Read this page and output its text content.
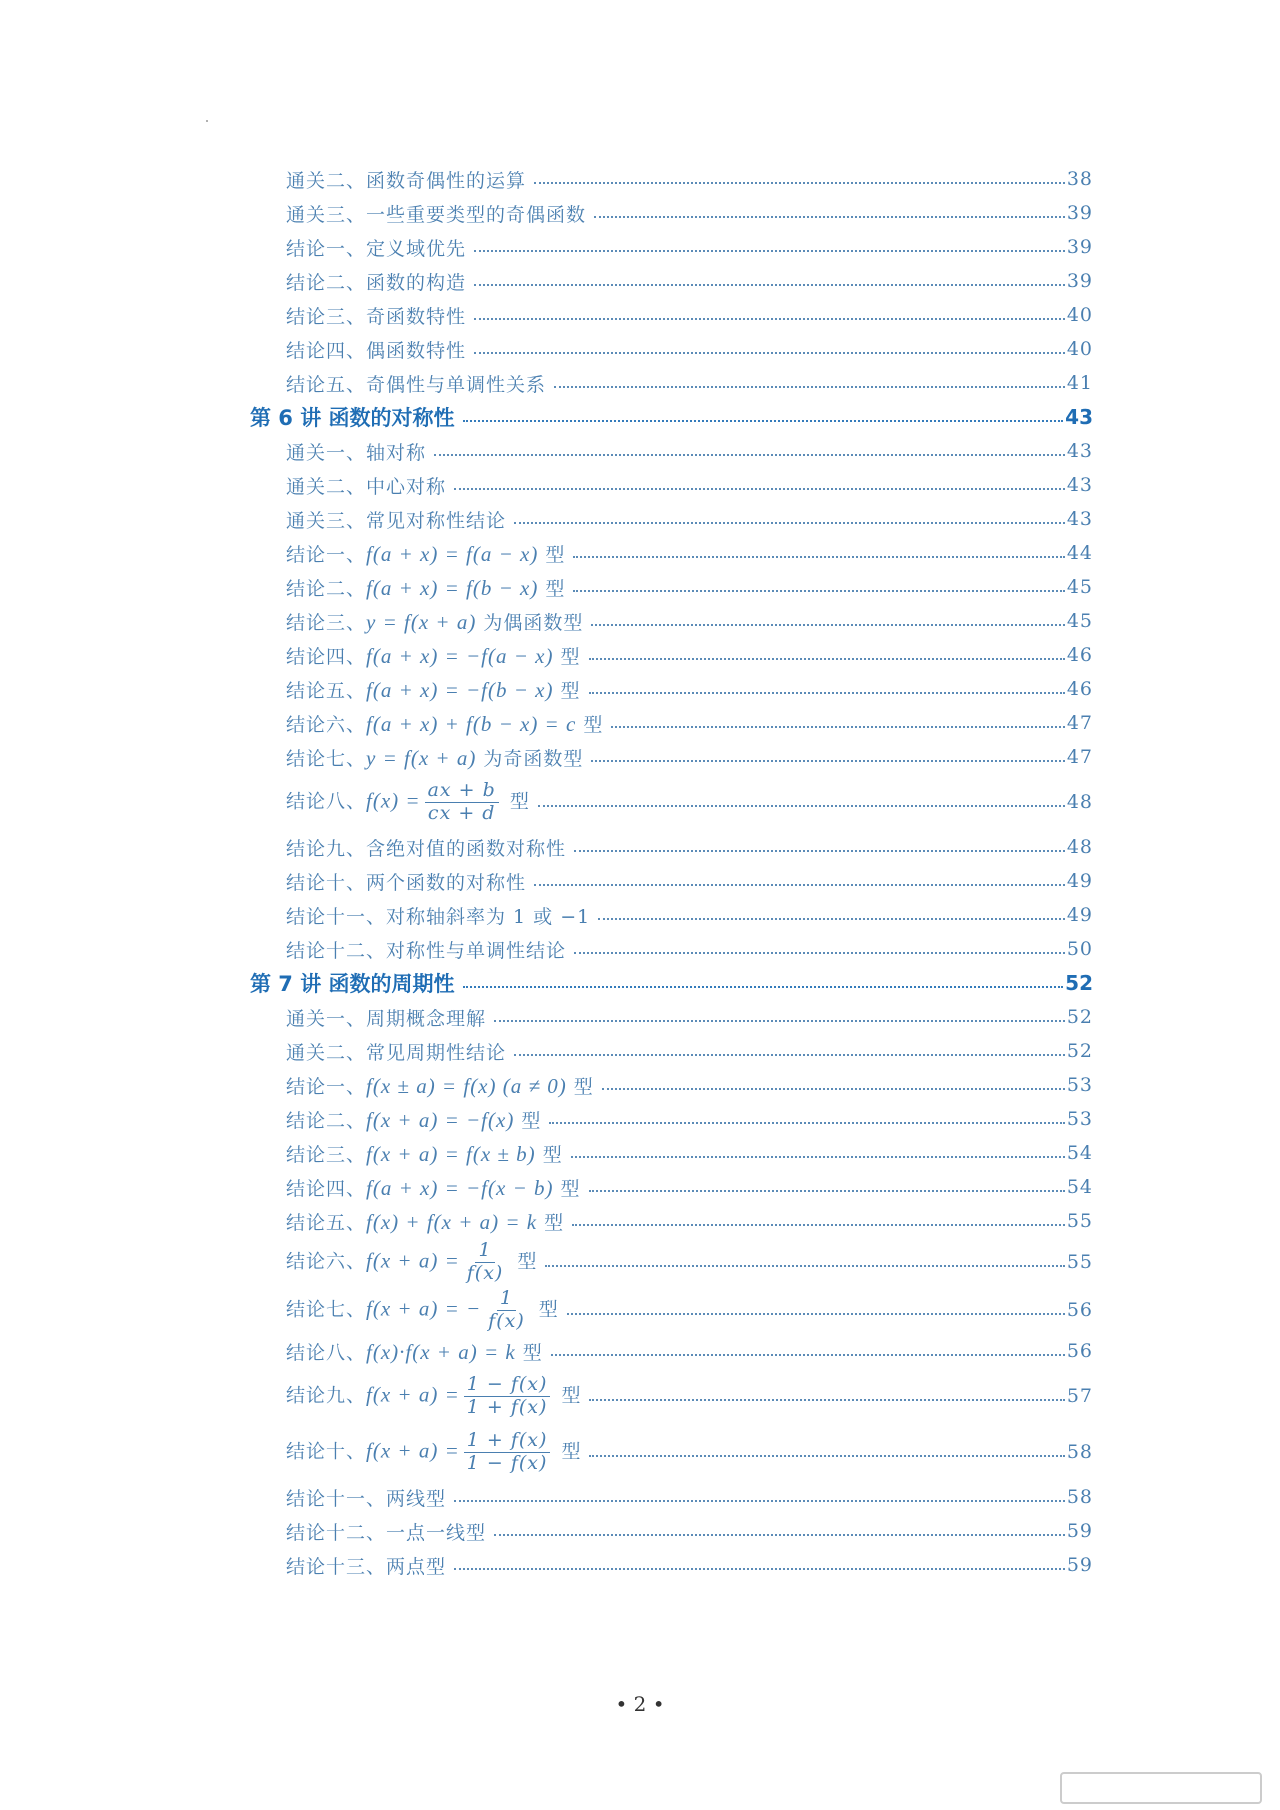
通关二、函数奇偶性的运算	38
通关三、一些重要类型的奇偶函数	39
结论一、定义域优先	39
结论二、函数的构造	39
结论三、奇函数特性	40
结论四、偶函数特性	40
结论五、奇偶性与单调性关系	41
第 6 讲 函数的对称性	43
通关一、轴对称	43
通关二、中心对称	43
通关三、常见对称性结论	43
结论一、f(a + x) = f(a − x) 型	44
结论二、f(a + x) = f(b − x) 型	45
结论三、y = f(x + a) 为偶函数型	45
结论四、f(a + x) = −f(a − x) 型	46
结论五、f(a + x) = −f(b − x) 型	46
结论六、f(a + x) + f(b − x) = c 型	47
结论七、y = f(x + a) 为奇函数型	47
结论八、$f(x) = \frac{ax + b}{cx + d}$ 型	48
结论九、含绝对值的函数对称性	48
结论十、两个函数的对称性	49
结论十一、对称轴斜率为 1 或 −1	49
结论十二、对称性与单调性结论	50
第 7 讲 函数的周期性	52
通关一、周期概念理解	52
通关二、常见周期性结论	52
结论一、f(x ± a) = f(x) (a ≠ 0) 型	53
结论二、f(x + a) = −f(x) 型	53
结论三、f(x + a) = f(x ± b) 型	54
结论四、f(a + x) = −f(x − b) 型	54
结论五、f(x) + f(x + a) = k 型	55
结论六、$f(x + a) = \frac{1}{f(x)}$ 型	55
结论七、f(x + a) = − $\frac{1}{f(x)}$ 型	56
结论八、f(x)·f(x + a) = k 型	56
结论九、$f(x + a) = \frac{1 - f(x)}{1 + f(x)}$ 型	57
结论十、$f(x + a) = \frac{1 + f(x)}{1 - f(x)}$ 型	58
结论十一、两线型	58
结论十二、一点一线型	59
结论十三、两点型	59
• 2 •
